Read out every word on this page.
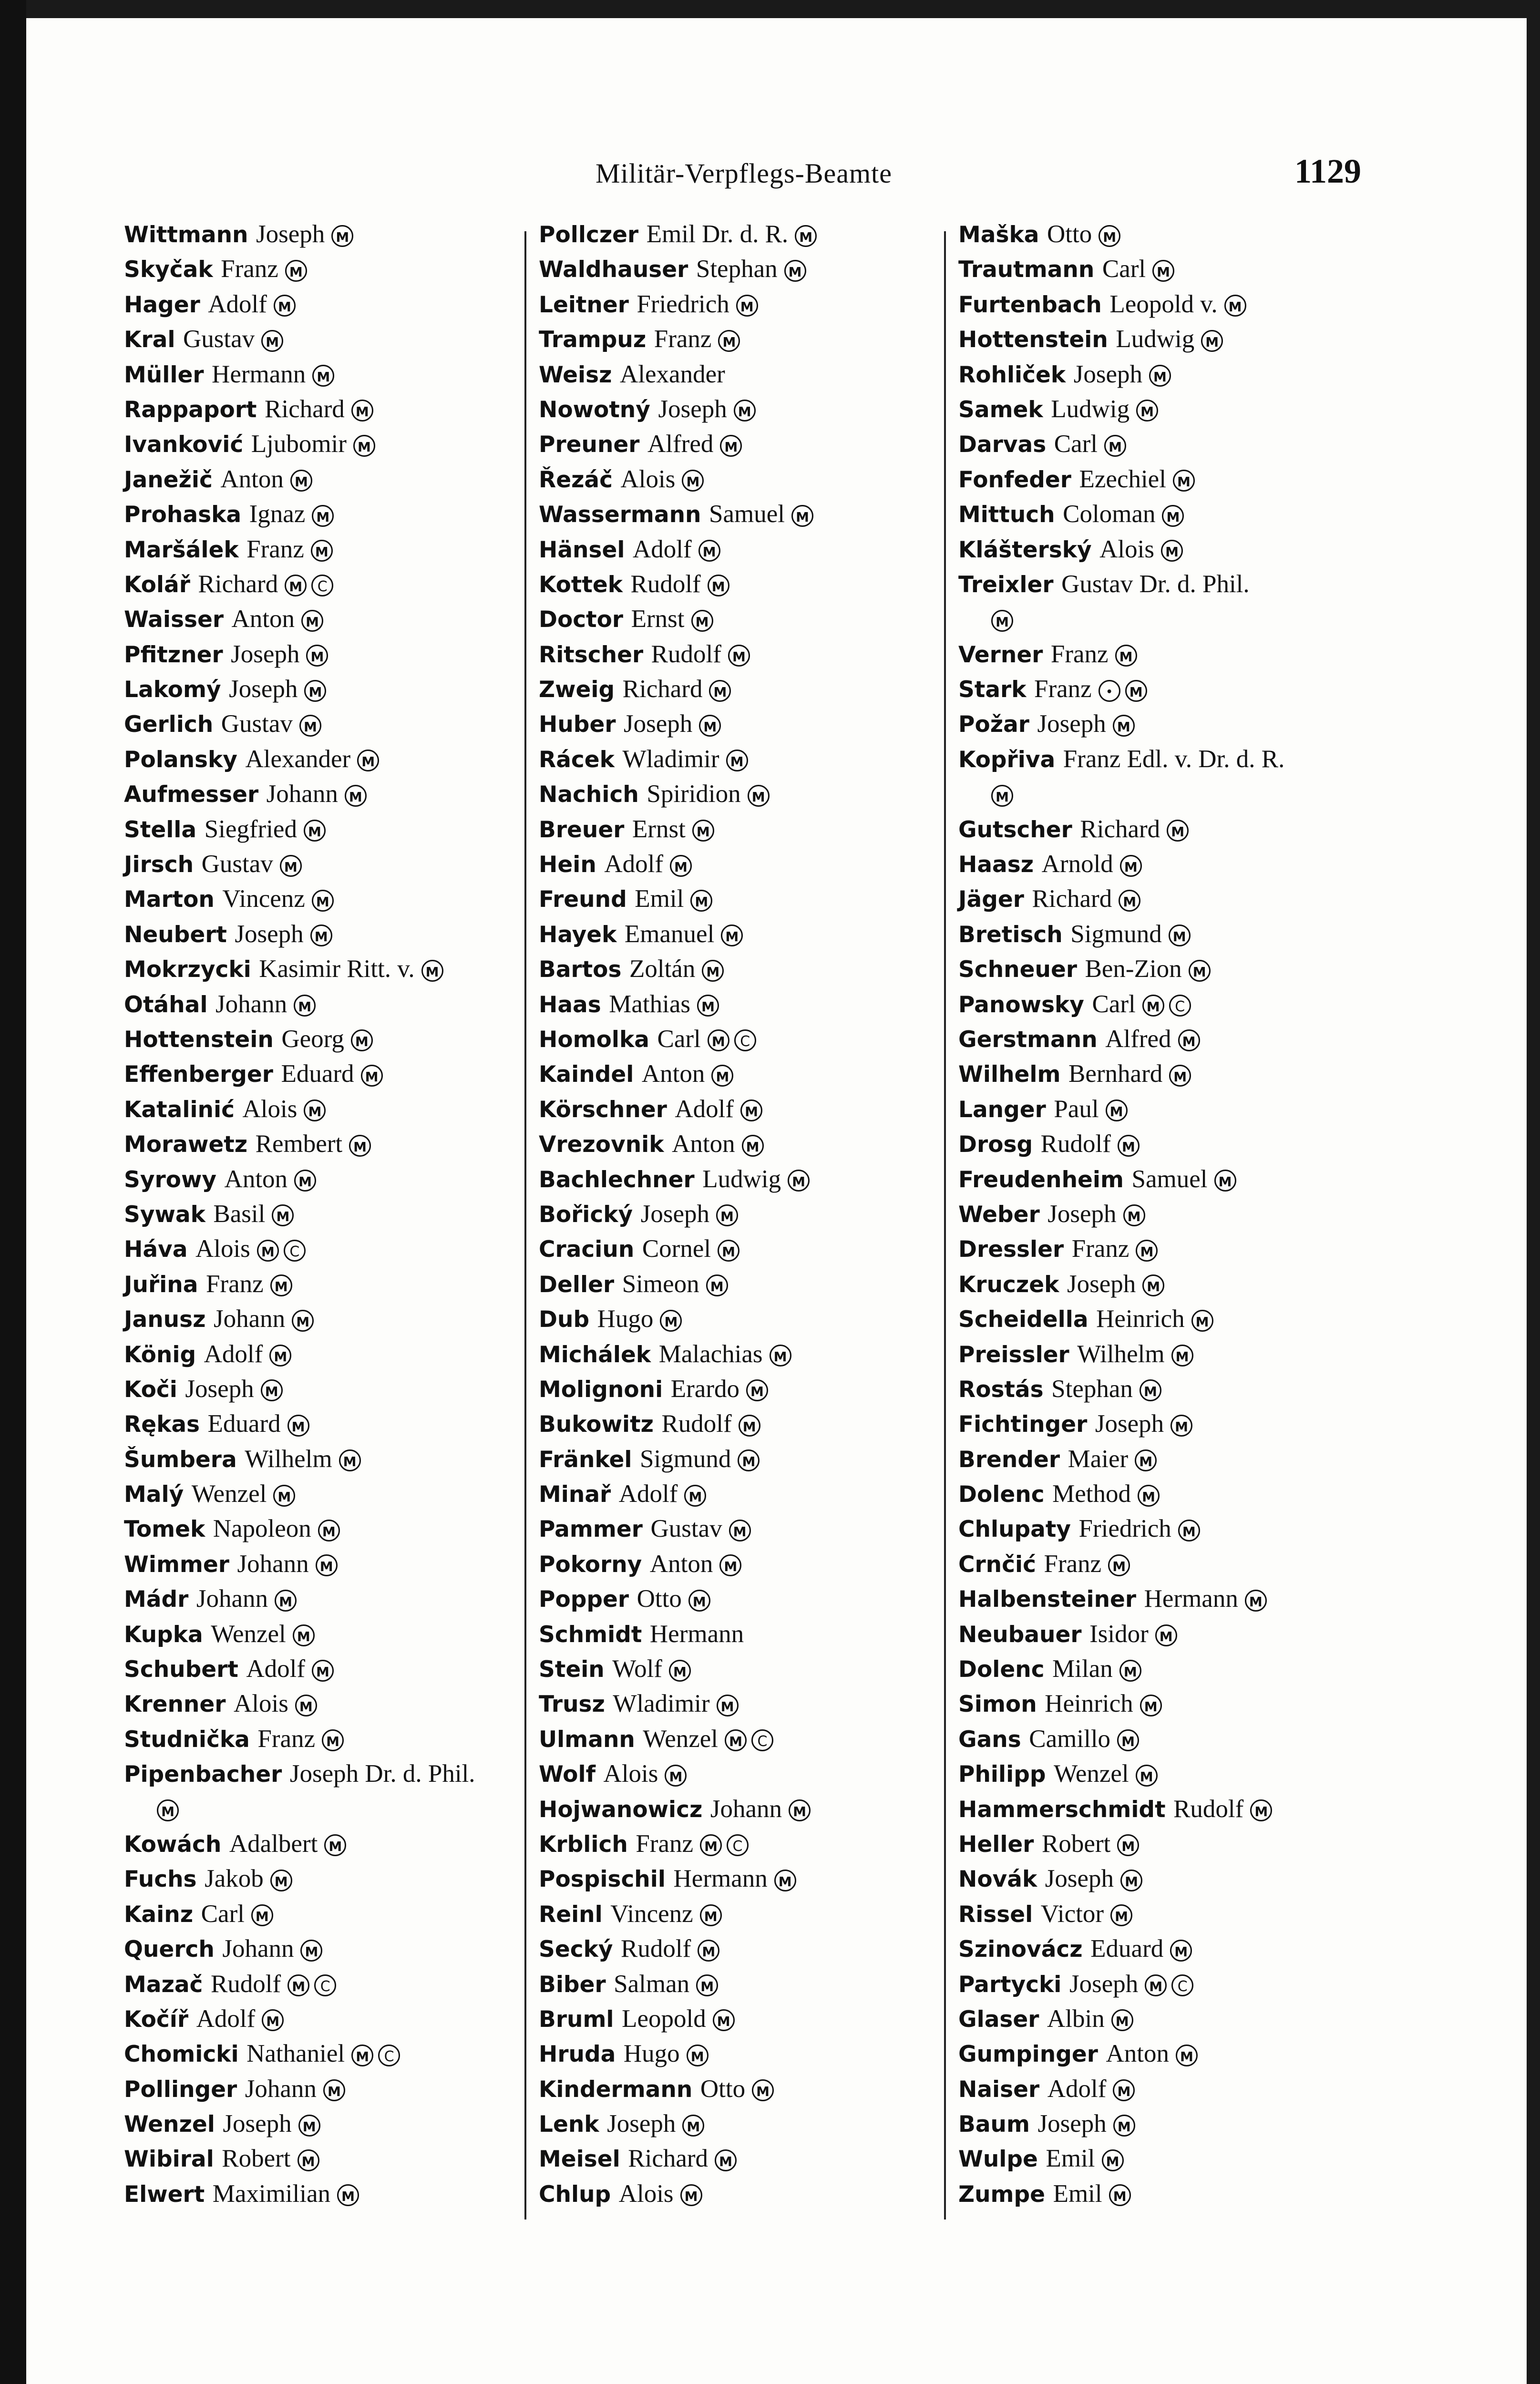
Militär-Verpflegs-Beamte	1129
Wittmann Joseph M
Skyčak Franz M
Hager Adolf M
Kral Gustav M
Müller Hermann M
Rappaport Richard M
Ivanković Ljubomir M
Janežič Anton M
Prohaska Ignaz M
Maršálek Franz M
Kolář Richard M C
Waisser Anton M
Pfitzner Joseph M
Lakomý Joseph M
Gerlich Gustav M
Polansky Alexander M
Aufmesser Johann M
Stella Siegfried M
Jirsch Gustav M
Marton Vincenz M
Neubert Joseph M
Mokrzycki Kasimir Ritt. v. M
Otáhal Johann M
Hottenstein Georg M
Effenberger Eduard M
Katalinić Alois M
Morawetz Rembert M
Syrowy Anton M
Sywak Basil M
Háva Alois M C
Juřina Franz M
Janusz Johann M
König Adolf M
Koči Joseph M
Rękas Eduard M
Šumbera Wilhelm M
Malý Wenzel M
Tomek Napoleon M
Wimmer Johann M
Mádr Johann M
Kupka Wenzel M
Schubert Adolf M
Krenner Alois M
Studnička Franz M
Pipenbacher Joseph Dr. d. Phil.
M
Kowách Adalbert M
Fuchs Jakob M
Kainz Carl M
Querch Johann M
Mazač Rudolf M C
Kočíř Adolf M
Chomicki Nathaniel M C
Pollinger Johann M
Wenzel Joseph M
Wibiral Robert M
Elwert Maximilian M
Pollczer Emil Dr. d. R. M
Waldhauser Stephan M
Leitner Friedrich M
Trampuz Franz M
Weisz Alexander
Nowotný Joseph M
Preuner Alfred M
Řezáč Alois M
Wassermann Samuel M
Hänsel Adolf M
Kottek Rudolf M
Doctor Ernst M
Ritscher Rudolf M
Zweig Richard M
Huber Joseph M
Rácek Wladimir M
Nachich Spiridion M
Breuer Ernst M
Hein Adolf M
Freund Emil M
Hayek Emanuel M
Bartos Zoltán M
Haas Mathias M
Homolka Carl M C
Kaindel Anton M
Körschner Adolf M
Vrezovnik Anton M
Bachlechner Ludwig M
Bořický Joseph M
Craciun Cornel M
Deller Simeon M
Dub Hugo M
Michálek Malachias M
Molignoni Erardo M
Bukowitz Rudolf M
Fränkel Sigmund M
Minař Adolf M
Pammer Gustav M
Pokorny Anton M
Popper Otto M
Schmidt Hermann
Stein Wolf M
Trusz Wladimir M
Ulmann Wenzel M C
Wolf Alois M
Hojwanowicz Johann M
Krblich Franz M C
Pospischil Hermann M
Reinl Vincenz M
Secký Rudolf M
Biber Salman M
Bruml Leopold M
Hruda Hugo M
Kindermann Otto M
Lenk Joseph M
Meisel Richard M
Chlup Alois M
Maška Otto M
Trautmann Carl M
Furtenbach Leopold v. M
Hottenstein Ludwig M
Rohliček Joseph M
Samek Ludwig M
Darvas Carl M
Fonfeder Ezechiel M
Mittuch Coloman M
Klášterský Alois M
Treixler Gustav Dr. d. Phil.
M
Verner Franz M
Stark Franz • M
Požar Joseph M
Kopřiva Franz Edl. v. Dr. d. R.
M
Gutscher Richard M
Haasz Arnold M
Jäger Richard M
Bretisch Sigmund M
Schneuer Ben-Zion M
Panowsky Carl M C
Gerstmann Alfred M
Wilhelm Bernhard M
Langer Paul M
Drosg Rudolf M
Freudenheim Samuel M
Weber Joseph M
Dressler Franz M
Kruczek Joseph M
Scheidella Heinrich M
Preissler Wilhelm M
Rostás Stephan M
Fichtinger Joseph M
Brender Maier M
Dolenc Method M
Chlupaty Friedrich M
Crnčić Franz M
Halbensteiner Hermann M
Neubauer Isidor M
Dolenc Milan M
Simon Heinrich M
Gans Camillo M
Philipp Wenzel M
Hammerschmidt Rudolf M
Heller Robert M
Novák Joseph M
Rissel Victor M
Szinovácz Eduard M
Partycki Joseph M C
Glaser Albin M
Gumpinger Anton M
Naiser Adolf M
Baum Joseph M
Wulpe Emil M
Zumpe Emil M
